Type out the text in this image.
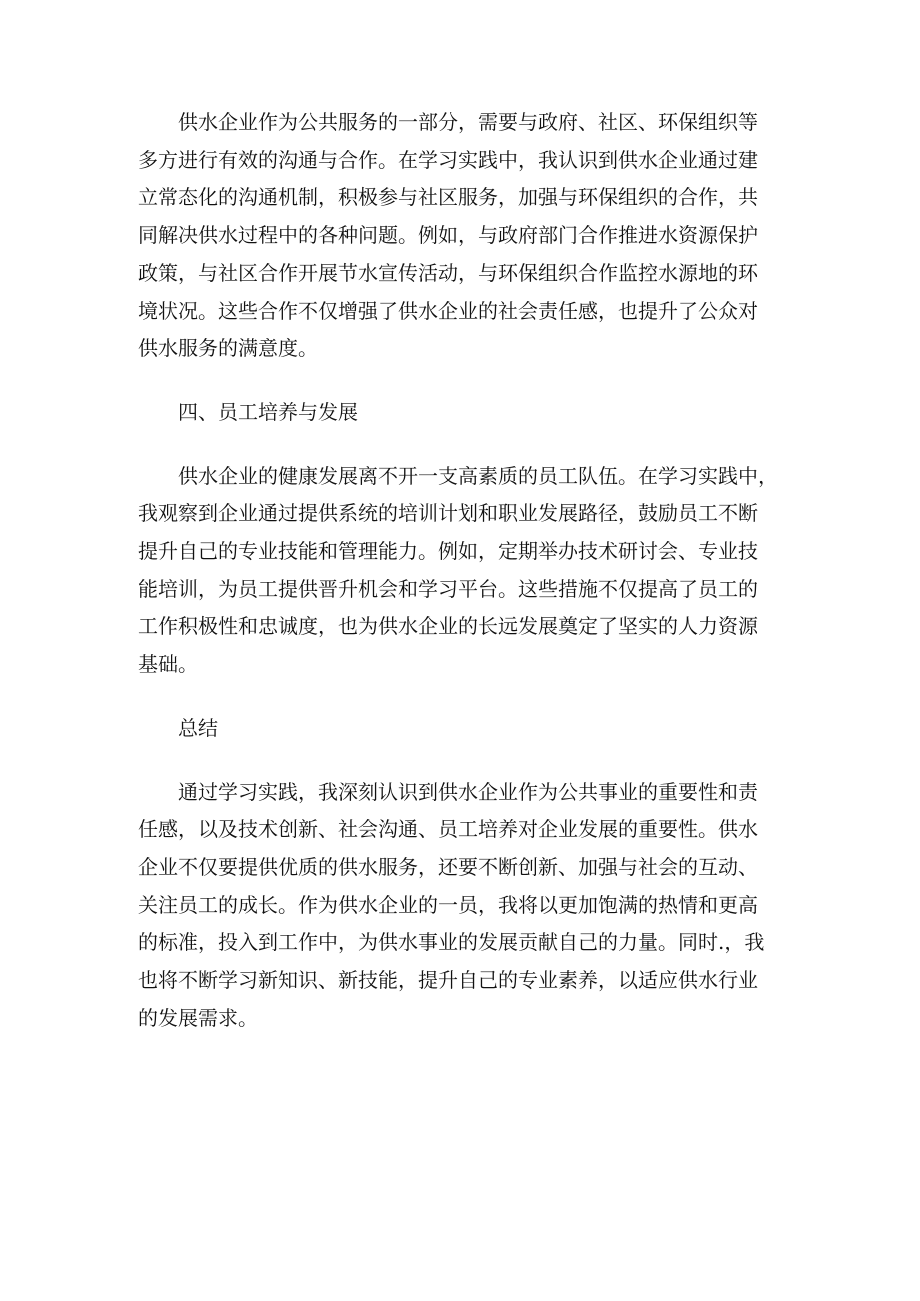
供水企业作为公共服务的一部分，需要与政府、社区、环保组织等
多方进行有效的沟通与合作。在学习实践中，我认识到供水企业通过建
立常态化的沟通机制，积极参与社区服务，加强与环保组织的合作，共
同解决供水过程中的各种问题。例如，与政府部门合作推进水资源保护
政策，与社区合作开展节水宣传活动，与环保组织合作监控水源地的环
境状况。这些合作不仅增强了供水企业的社会责任感，也提升了公众对
供水服务的满意度。

四、员工培养与发展

供水企业的健康发展离不开一支高素质的员工队伍。在学习实践中，
我观察到企业通过提供系统的培训计划和职业发展路径，鼓励员工不断
提升自己的专业技能和管理能力。例如，定期举办技术研讨会、专业技
能培训，为员工提供晋升机会和学习平台。这些措施不仅提高了员工的
工作积极性和忠诚度，也为供水企业的长远发展奠定了坚实的人力资源
基础。

总结

通过学习实践，我深刻认识到供水企业作为公共事业的重要性和责
任感，以及技术创新、社会沟通、员工培养对企业发展的重要性。供水
企业不仅要提供优质的供水服务，还要不断创新、加强与社会的互动、
关注员工的成长。作为供水企业的一员，我将以更加饱满的热情和更高
的标准，投入到工作中，为供水事业的发展贡献自己的力量。同时.，我
也将不断学习新知识、新技能，提升自己的专业素养，以适应供水行业
的发展需求。
